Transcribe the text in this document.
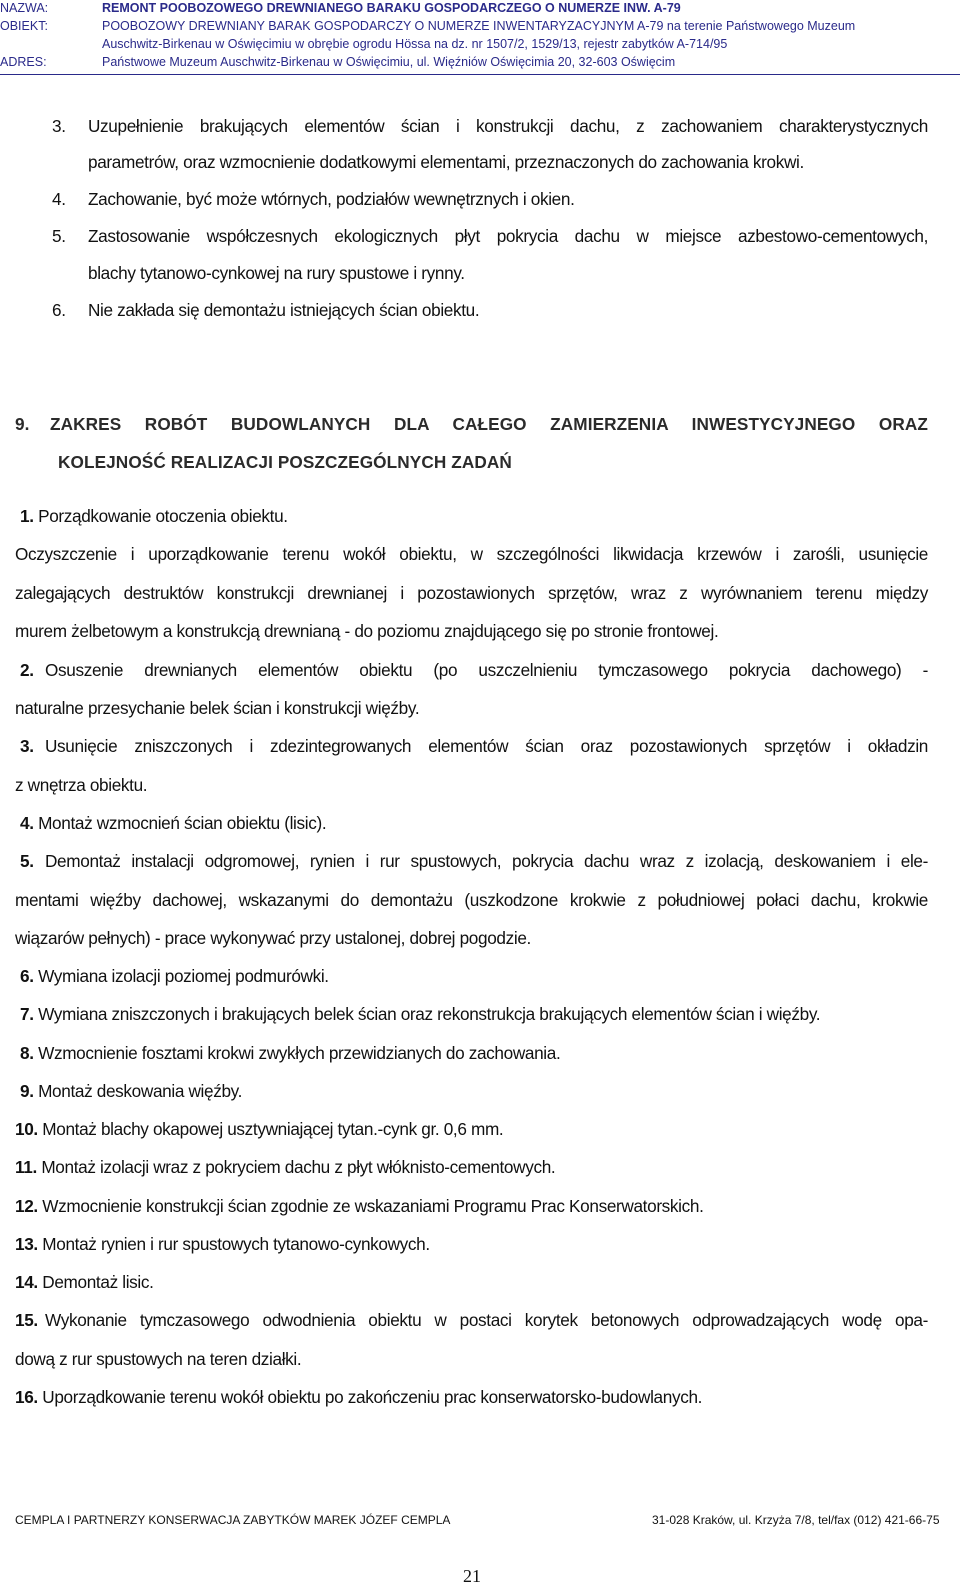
NAZWA:	REMONT POOBOZOWEGO DREWNIANEGO BARAKU GOSPODARCZEGO O NUMERZE INW. A-79
OBIEKT:	POOBOZOWY DREWNIANY BARAK GOSPODARCZY O NUMERZE INWENTARYZACYJNYM A-79 na terenie Państwowego Muzeum
Auschwitz-Birkenau w Oświęcimiu w obrębie ogrodu Hössa na dz. nr 1507/2, 1529/13, rejestr zabytków A-714/95
ADRES:	Państwowe Muzeum Auschwitz-Birkenau w Oświęcimiu, ul. Więźniów Oświęcimia 20, 32-603 Oświęcim
3. Uzupełnienie brakujących elementów ścian i konstrukcji dachu, z zachowaniem charakterystycznych
parametrów, oraz wzmocnienie dodatkowymi elementami, przeznaczonych do zachowania krokwi.
4. Zachowanie, być może wtórnych, podziałów wewnętrznych i okien.
5. Zastosowanie współczesnych ekologicznych płyt pokrycia dachu w miejsce azbestowo-cementowych,
blachy tytanowo-cynkowej na rury spustowe i rynny.
6. Nie zakłada się demontażu istniejących ścian obiektu.
9. ZAKRES ROBÓT BUDOWLANYCH DLA CAŁEGO ZAMIERZENIA INWESTYCYJNEGO ORAZ
KOLEJNOŚĆ REALIZACJI POSZCZEGÓLNYCH ZADAŃ
1. Porządkowanie otoczenia obiektu.
Oczyszczenie i uporządkowanie terenu wokół obiektu, w szczególności likwidacja krzewów i zarośli, usunięcie
zalegających destruktów konstrukcji drewnianej i pozostawionych sprzętów, wraz z wyrównaniem terenu między
murem żelbetowym a konstrukcją drewnianą - do poziomu znajdującego się po stronie frontowej.
2. Osuszenie drewnianych elementów obiektu (po uszczelnieniu tymczasowego pokrycia dachowego) -
naturalne przesychanie belek ścian i konstrukcji więźby.
3. Usunięcie zniszczonych i zdezintegrowanych elementów ścian oraz pozostawionych sprzętów i okładzin
z wnętrza obiektu.
4. Montaż wzmocnień ścian obiektu (lisic).
5. Demontaż instalacji odgromowej, rynien i rur spustowych, pokrycia dachu wraz z izolacją, deskowaniem i ele-
mentami więźby dachowej, wskazanymi do demontażu (uszkodzone krokwie z południowej połaci dachu, krokwie
wiązarów pełnych) - prace wykonywać przy ustalonej, dobrej pogodzie.
6. Wymiana izolacji poziomej podmurówki.
7. Wymiana zniszczonych i brakujących belek ścian oraz rekonstrukcja brakujących elementów ścian i więźby.
8. Wzmocnienie fosztami krokwi zwykłych przewidzianych do zachowania.
9. Montaż deskowania więźby.
10. Montaż blachy okapowej usztywniającej tytan.-cynk gr. 0,6 mm.
11. Montaż izolacji wraz z pokryciem dachu z płyt włóknisto-cementowych.
12. Wzmocnienie konstrukcji ścian zgodnie ze wskazaniami Programu Prac Konserwatorskich.
13. Montaż rynien i rur spustowych tytanowo-cynkowych.
14. Demontaż lisic.
15. Wykonanie tymczasowego odwodnienia obiektu w postaci korytek betonowych odprowadzających wodę opa-
dową z rur spustowych na teren działki.
16. Uporządkowanie terenu wokół obiektu po zakończeniu prac konserwatorsko-budowlanych.
CEMPLA I PARTNERZY KONSERWACJA ZABYTKÓW MAREK JÓZEF CEMPLA	31-028 Kraków, ul. Krzyża 7/8, tel/fax (012) 421-66-75
21
